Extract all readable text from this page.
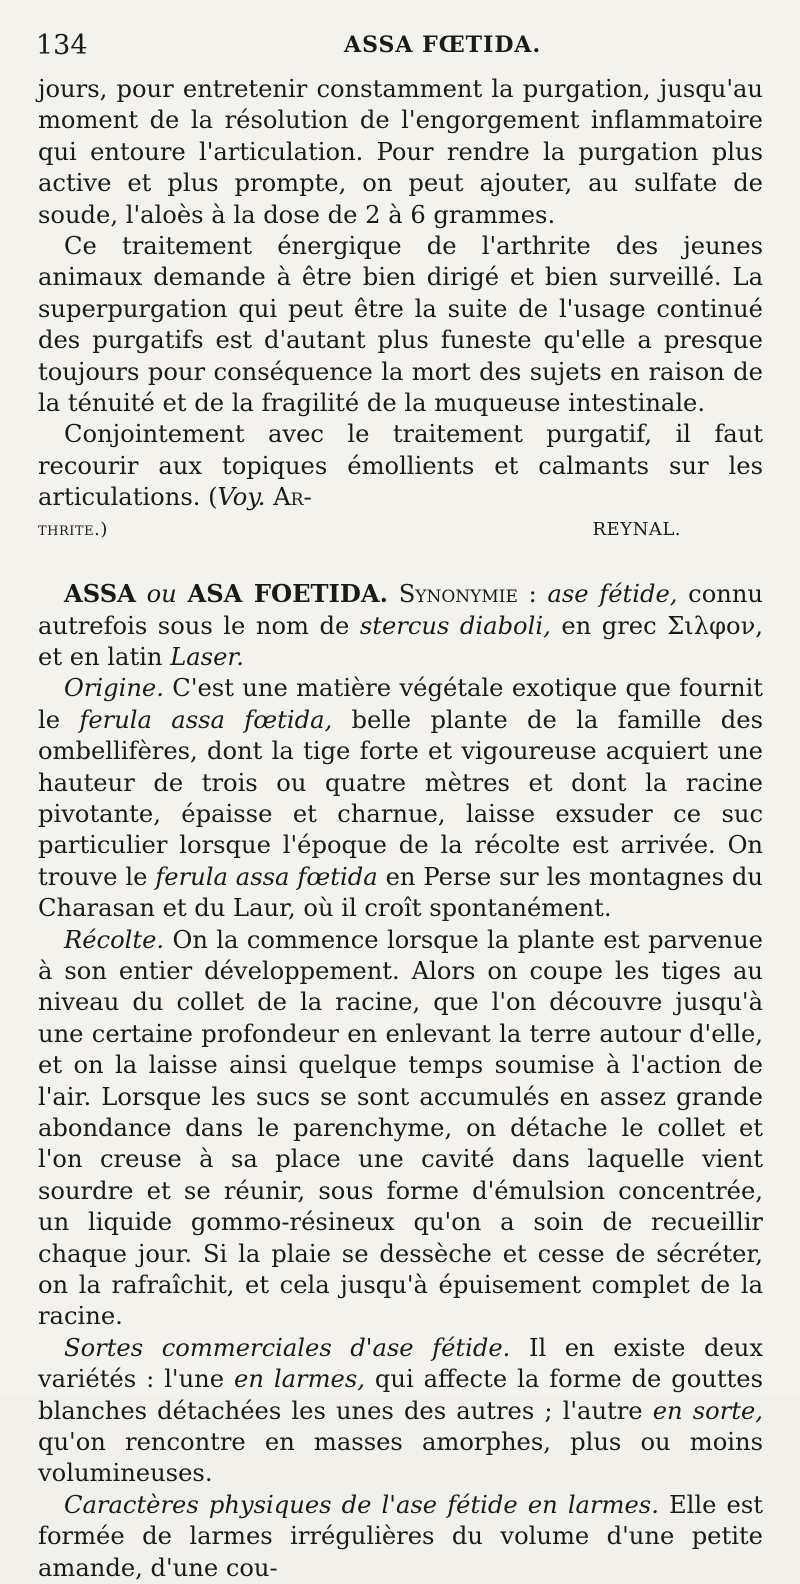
134	ASSA FŒTIDA.

jours, pour entretenir constamment la purgation, jusqu'au moment de la résolution de l'engorgement inflammatoire qui entoure l'articulation. Pour rendre la purgation plus active et plus prompte, on peut ajouter, au sulfate de soude, l'aloès à la dose de 2 à 6 grammes.

Ce traitement énergique de l'arthrite des jeunes animaux demande à être bien dirigé et bien surveillé. La superpurgation qui peut être la suite de l'usage continué des purgatifs est d'autant plus funeste qu'elle a presque toujours pour conséquence la mort des sujets en raison de la ténuité et de la fragilité de la muqueuse intestinale.

Conjointement avec le traitement purgatif, il faut recourir aux topiques émollients et calmants sur les articulations. (Voy. Ar-

thrite.)	REYNAL.

ASSA ou ASA FOETIDA. Synonymie : ase fétide, connu autrefois sous le nom de stercus diaboli, en grec Σιλφον, et en latin Laser.

Origine. C'est une matière végétale exotique que fournit le ferula assa fœtida, belle plante de la famille des ombellifères, dont la tige forte et vigoureuse acquiert une hauteur de trois ou quatre mètres et dont la racine pivotante, épaisse et charnue, laisse exsuder ce suc particulier lorsque l'époque de la récolte est arrivée. On trouve le ferula assa fœtida en Perse sur les montagnes du Charasan et du Laur, où il croît spontanément.

Récolte. On la commence lorsque la plante est parvenue à son entier développement. Alors on coupe les tiges au niveau du collet de la racine, que l'on découvre jusqu'à une certaine profondeur en enlevant la terre autour d'elle, et on la laisse ainsi quelque temps soumise à l'action de l'air. Lorsque les sucs se sont accumulés en assez grande abondance dans le parenchyme, on détache le collet et l'on creuse à sa place une cavité dans laquelle vient sourdre et se réunir, sous forme d'émulsion concentrée, un liquide gommo-résineux qu'on a soin de recueillir chaque jour. Si la plaie se dessèche et cesse de sécréter, on la rafraîchit, et cela jusqu'à épuisement complet de la racine.

Sortes commerciales d'ase fétide. Il en existe deux variétés : l'une en larmes, qui affecte la forme de gouttes blanches détachées les unes des autres ; l'autre en sorte, qu'on rencontre en masses amorphes, plus ou moins volumineuses.

Caractères physiques de l'ase fétide en larmes. Elle est formée de larmes irrégulières du volume d'une petite amande, d'une cou-
